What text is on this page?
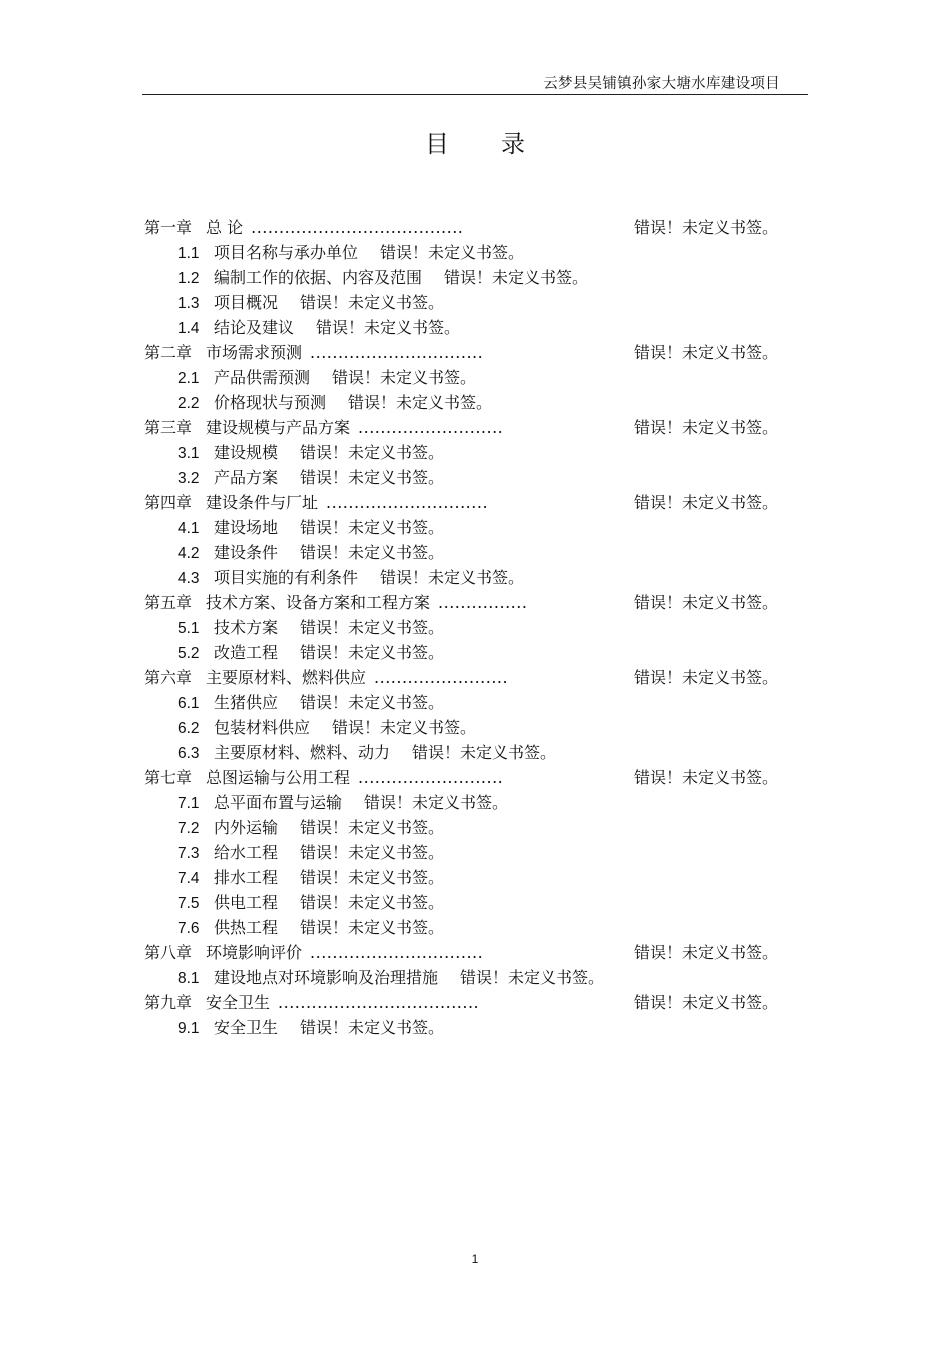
云梦县吴铺镇孙家大塘水库建设项目
目录
第一章 总 论 ......................................	错误！未定义书签。
1.1 项目名称与承办单位 错误！未定义书签。
1.2 编制工作的依据、内容及范围 错误！未定义书签。
1.3 项目概况 错误！未定义书签。
1.4 结论及建议 错误！未定义书签。
第二章 市场需求预测 ...............................	错误！未定义书签。
2.1 产品供需预测 错误！未定义书签。
2.2 价格现状与预测 错误！未定义书签。
第三章 建设规模与产品方案 ..........................	错误！未定义书签。
3.1 建设规模 错误！未定义书签。
3.2 产品方案 错误！未定义书签。
第四章 建设条件与厂址 .............................	错误！未定义书签。
4.1 建设场地 错误！未定义书签。
4.2 建设条件 错误！未定义书签。
4.3 项目实施的有利条件 错误！未定义书签。
第五章 技术方案、设备方案和工程方案 ................	错误！未定义书签。
5.1 技术方案 错误！未定义书签。
5.2 改造工程 错误！未定义书签。
第六章 主要原材料、燃料供应 ........................	错误！未定义书签。
6.1 生猪供应 错误！未定义书签。
6.2 包装材料供应 错误！未定义书签。
6.3 主要原材料、燃料、动力 错误！未定义书签。
第七章 总图运输与公用工程 ..........................	错误！未定义书签。
7.1 总平面布置与运输 错误！未定义书签。
7.2 内外运输 错误！未定义书签。
7.3 给水工程 错误！未定义书签。
7.4 排水工程 错误！未定义书签。
7.5 供电工程 错误！未定义书签。
7.6 供热工程 错误！未定义书签。
第八章 环境影响评价 ...............................	错误！未定义书签。
8.1 建设地点对环境影响及治理措施 错误！未定义书签。
第九章 安全卫生 ....................................	错误！未定义书签。
9.1 安全卫生 错误！未定义书签。
1
